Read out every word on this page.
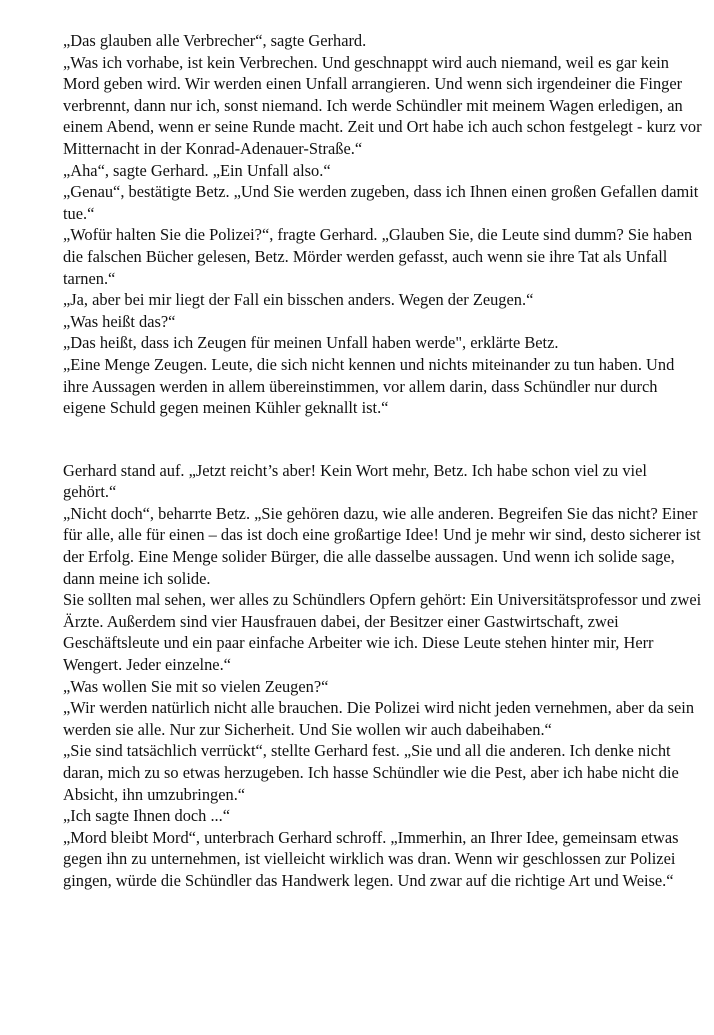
„Das glauben alle Verbrecher“, sagte Gerhard.

„Was ich vorhabe, ist kein Verbrechen. Und geschnappt wird auch niemand, weil es gar kein Mord geben wird. Wir werden einen Unfall arrangieren. Und wenn sich irgendeiner die Finger verbrennt, dann nur ich, sonst niemand. Ich werde Schündler mit meinem Wagen erledigen, an einem Abend, wenn er seine Runde macht. Zeit und Ort habe ich auch schon festgelegt - kurz vor Mitternacht in der Konrad-Adenauer-Straße.“

„Aha“, sagte Gerhard. „Ein Unfall also.“

„Genau“, bestätigte Betz. „Und Sie werden zugeben, dass ich Ihnen einen großen Gefallen damit tue.“

„Wofür halten Sie die Polizei?“, fragte Gerhard. „Glauben Sie, die Leute sind dumm? Sie haben die falschen Bücher gelesen, Betz. Mörder werden gefasst, auch wenn sie ihre Tat als Unfall tarnen.“

„Ja, aber bei mir liegt der Fall ein bisschen anders. Wegen der Zeugen.“

„Was heißt das?“

„Das heißt, dass ich Zeugen für meinen Unfall haben werde", erklärte Betz.

„Eine Menge Zeugen. Leute, die sich nicht kennen und nichts miteinander zu tun haben. Und ihre Aussagen werden in allem übereinstimmen, vor allem darin, dass Schündler nur durch eigene Schuld gegen meinen Kühler geknallt ist.“

Gerhard stand auf. „Jetzt reicht’s aber! Kein Wort mehr, Betz. Ich habe schon viel zu viel gehört.“

„Nicht doch“, beharrte Betz. „Sie gehören dazu, wie alle anderen. Begreifen Sie das nicht? Einer für alle, alle für einen – das ist doch eine großartige Idee! Und je mehr wir sind, desto sicherer ist der Erfolg. Eine Menge solider Bürger, die alle dasselbe aussagen. Und wenn ich solide sage, dann meine ich solide.

Sie sollten mal sehen, wer alles zu Schündlers Opfern gehört: Ein Universitätsprofessor und zwei Ärzte. Außerdem sind vier Hausfrauen dabei, der Besitzer einer Gastwirtschaft, zwei Geschäftsleute und ein paar einfache Arbeiter wie ich. Diese Leute stehen hinter mir, Herr Wengert. Jeder einzelne.“

„Was wollen Sie mit so vielen Zeugen?“

„Wir werden natürlich nicht alle brauchen. Die Polizei wird nicht jeden vernehmen, aber da sein werden sie alle. Nur zur Sicherheit. Und Sie wollen wir auch dabeihaben.“

„Sie sind tatsächlich verrückt“, stellte Gerhard fest. „Sie und all die anderen. Ich denke nicht daran, mich zu so etwas herzugeben. Ich hasse Schündler wie die Pest, aber ich habe nicht die Absicht, ihn umzubringen.“

„Ich sagte Ihnen doch ...“

„Mord bleibt Mord“, unterbrach Gerhard schroff. „Immerhin, an Ihrer Idee, gemeinsam etwas gegen ihn zu unternehmen, ist vielleicht wirklich was dran. Wenn wir geschlossen zur Polizei gingen, würde die Schündler das Handwerk legen. Und zwar auf die richtige Art und Weise.“
